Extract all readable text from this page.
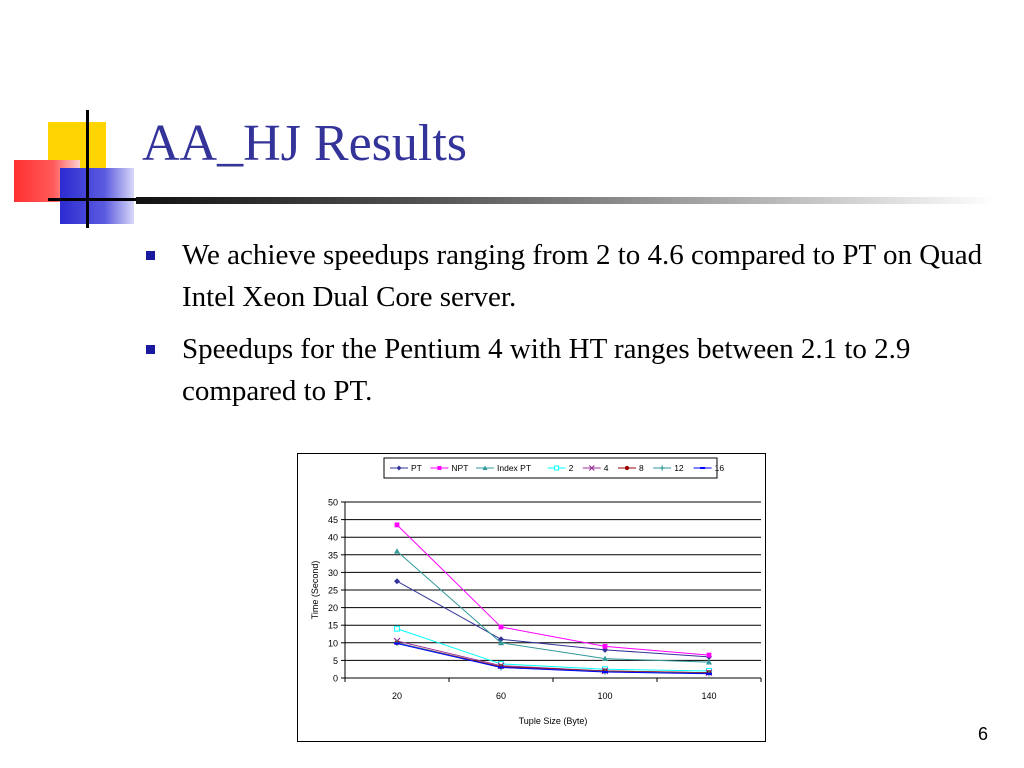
AA_HJ Results
We achieve speedups ranging from 2 to 4.6 compared to PT on Quad Intel Xeon Dual Core server.
Speedups for the Pentium 4 with HT ranges between 2.1 to 2.9 compared to PT.
0
5
10
15
20
25
30
35
40
45
50
20	60	100	140
Tuple Size (Byte)
Time (Second)
PT	NPT	Index PT	2	4	8	12	16
6
